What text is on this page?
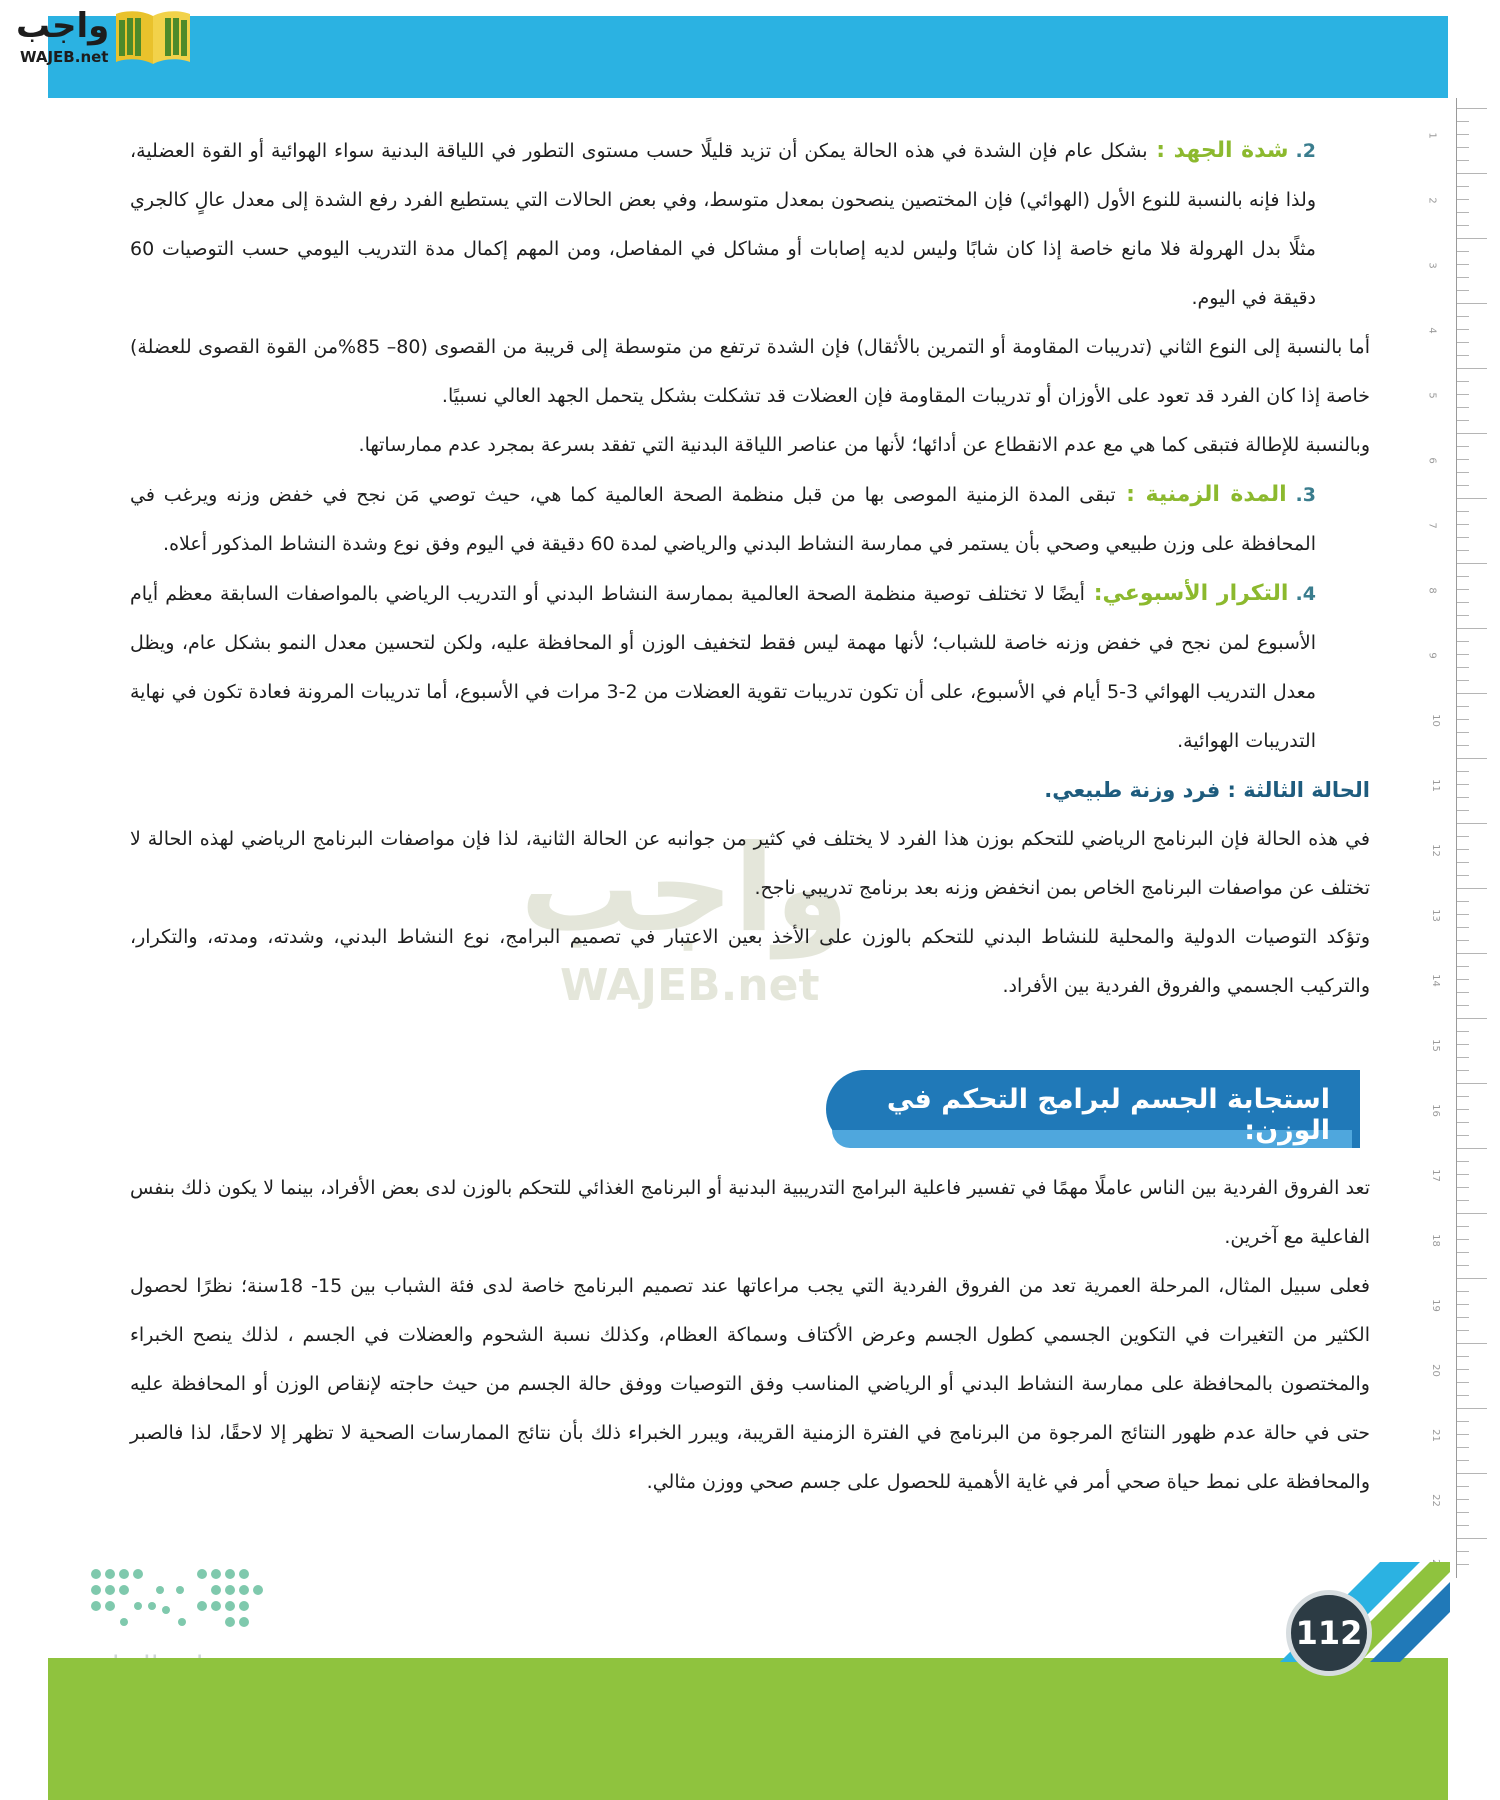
واجب
WAJEB.net
1
2
3
4
5
6
7
8
9
10
11
12
13
14
15
16
17
18
19
20
21
22
واجب
WAJEB.net

2. شدة الجهد : بشكل عام فإن الشدة في هذه الحالة يمكن أن تزيد قليلًا حسب مستوى التطور في اللياقة البدنية سواء الهوائية أو القوة العضلية، ولذا فإنه بالنسبة للنوع الأول (الهوائي) فإن المختصين ينصحون بمعدل متوسط، وفي بعض الحالات التي يستطيع الفرد رفع الشدة إلى معدل عالٍ كالجري مثلًا بدل الهرولة فلا مانع خاصة إذا كان شابًا وليس لديه إصابات أو مشاكل في المفاصل، ومن المهم إكمال مدة التدريب اليومي حسب التوصيات 60 دقيقة في اليوم.

أما بالنسبة إلى النوع الثاني (تدريبات المقاومة أو التمرين بالأثقال) فإن الشدة ترتفع من متوسطة إلى قريبة من القصوى (80– 85%من القوة القصوى للعضلة) خاصة إذا كان الفرد قد تعود على الأوزان أو تدريبات المقاومة فإن العضلات قد تشكلت بشكل يتحمل الجهد العالي نسبيًا.

وبالنسبة للإطالة فتبقى كما هي مع عدم الانقطاع عن أدائها؛ لأنها من عناصر اللياقة البدنية التي تفقد بسرعة بمجرد عدم ممارساتها.

3. المدة الزمنية : تبقى المدة الزمنية الموصى بها من قبل منظمة الصحة العالمية كما هي، حيث توصي مَن نجح في خفض وزنه ويرغب في المحافظة على وزن طبيعي وصحي بأن يستمر في ممارسة النشاط البدني والرياضي لمدة 60 دقيقة في اليوم وفق نوع وشدة النشاط المذكور أعلاه.

4. التكرار الأسبوعي: أيضًا لا تختلف توصية منظمة الصحة العالمية بممارسة النشاط البدني أو التدريب الرياضي بالمواصفات السابقة معظم أيام الأسبوع لمن نجح في خفض وزنه خاصة للشباب؛ لأنها مهمة ليس فقط لتخفيف الوزن أو المحافظة عليه، ولكن لتحسين معدل النمو بشكل عام، ويظل معدل التدريب الهوائي 3-5 أيام في الأسبوع، على أن تكون تدريبات تقوية العضلات من 2-3 مرات في الأسبوع، أما تدريبات المرونة فعادة تكون في نهاية التدريبات الهوائية.

الحالة الثالثة : فرد وزنة طبيعي.

في هذه الحالة فإن البرنامج الرياضي للتحكم بوزن هذا الفرد لا يختلف في كثير من جوانبه عن الحالة الثانية، لذا فإن مواصفات البرنامج الرياضي لهذه الحالة لا تختلف عن مواصفات البرنامج الخاص بمن انخفض وزنه بعد برنامج تدريبي ناجح.

وتؤكد التوصيات الدولية والمحلية للنشاط البدني للتحكم بالوزن على الأخذ بعين الاعتبار في تصميم البرامج، نوع النشاط البدني، وشدته، ومدته، والتكرار، والتركيب الجسمي والفروق الفردية بين الأفراد.

استجابة الجسم لبرامج التحكم في الوزن:

تعد الفروق الفردية بين الناس عاملًا مهمًا في تفسير فاعلية البرامج التدريبية البدنية أو البرنامج الغذائي للتحكم بالوزن لدى بعض الأفراد، بينما لا يكون ذلك بنفس الفاعلية مع آخرين.

فعلى سبيل المثال، المرحلة العمرية تعد من الفروق الفردية التي يجب مراعاتها عند تصميم البرنامج خاصة لدى فئة الشباب بين 15- 18سنة؛ نظرًا لحصول الكثير من التغيرات في التكوين الجسمي كطول الجسم وعرض الأكتاف وسماكة العظام، وكذلك نسبة الشحوم والعضلات في الجسم ، لذلك ينصح الخبراء والمختصون بالمحافظة على ممارسة النشاط البدني أو الرياضي المناسب وفق التوصيات ووفق حالة الجسم من حيث حاجته لإنقاص الوزن أو المحافظة عليه حتى في حالة عدم ظهور النتائج المرجوة من البرنامج في الفترة الزمنية القريبة، ويبرر الخبراء ذلك بأن نتائج الممارسات الصحية لا تظهر إلا لاحقًا، لذا فالصبر والمحافظة على نمط حياة صحي أمر في غاية الأهمية للحصول على جسم صحي ووزن مثالي.

112
